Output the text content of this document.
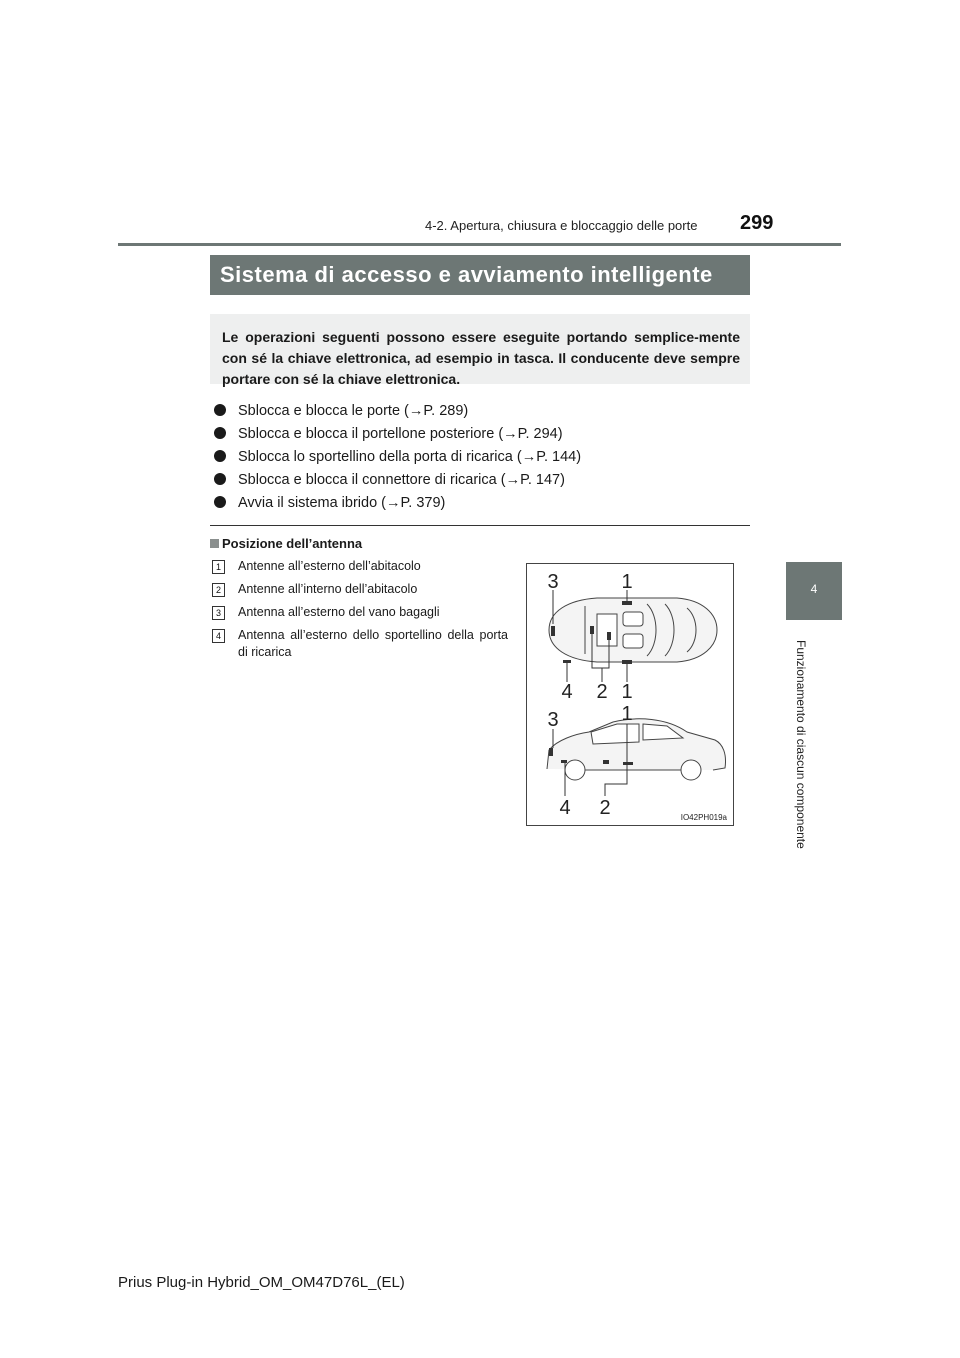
4-2. Apertura, chiusura e bloccaggio delle porte 299
4
Funzionamento di ciascun componente
Sistema di accesso e avviamento intelligente
Le operazioni seguenti possono essere eseguite portando semplice-mente con sé la chiave elettronica, ad esempio in tasca. Il conducente deve sempre portare con sé la chiave elettronica.
Sblocca e blocca le porte (→P. 289)
Sblocca e blocca il portellone posteriore (→P. 294)
Sblocca lo sportellino della porta di ricarica (→P. 144)
Sblocca e blocca il connettore di ricarica (→P. 147)
Avvia il sistema ibrido (→P. 379)
Posizione dell’antenna
1	Antenne all’esterno dell’abitacolo
2	Antenne all’interno dell’abitacolo
3	Antenna all’esterno del vano bagagli
4	Antenna all’esterno dello sportellino della porta di ricarica
3	1
4 2 1
3	1
4 2	IO42PH019a
Prius Plug-in Hybrid_OM_OM47D76L_(EL)
